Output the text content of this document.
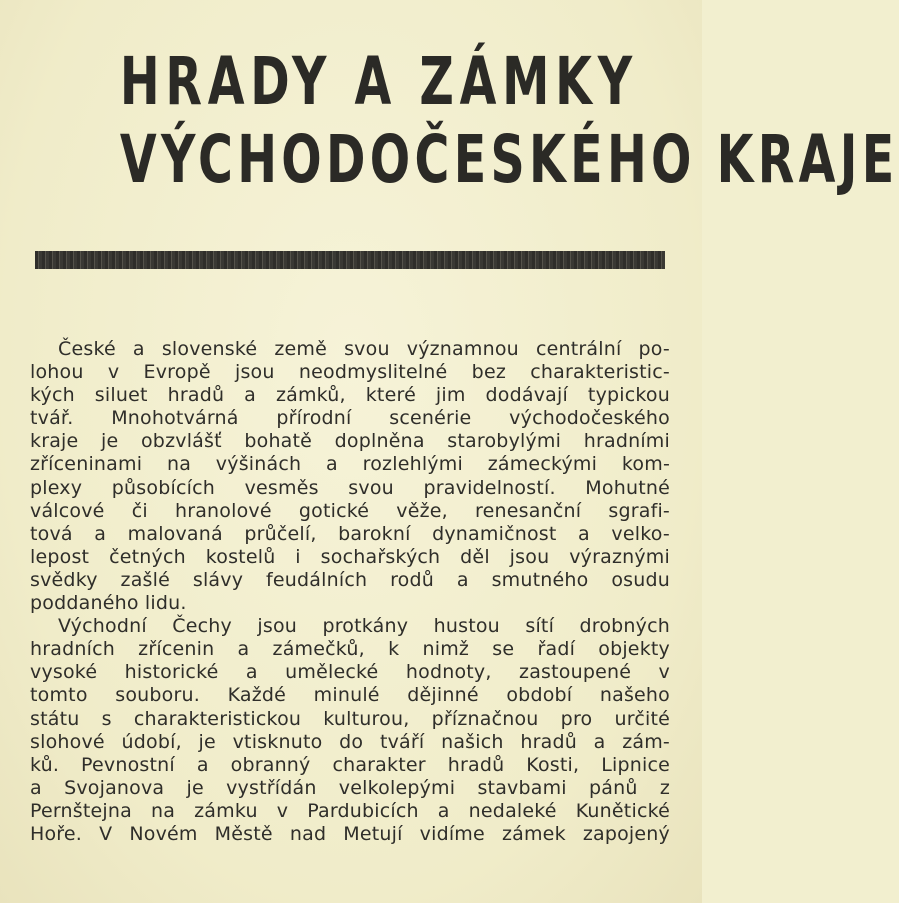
HRADY A ZÁMKY
VÝCHODOČESKÉHO KRAJE
České a slovenské země svou významnou centrální po-
lohou v Evropě jsou neodmyslitelné bez charakteristic-
kých siluet hradů a zámků, které jim dodávají typickou
tvář. Mnohotvárná přírodní scenérie východočeského
kraje je obzvlášť bohatě doplněna starobylými hradními
zříceninami na výšinách a rozlehlými zámeckými kom-
plexy působících vesměs svou pravidelností. Mohutné
válcové či hranolové gotické věže, renesanční sgrafi-
tová a malovaná průčelí, barokní dynamičnost a velko-
lepost četných kostelů i sochařských děl jsou výraznými
svědky zašlé slávy feudálních rodů a smutného osudu
poddaného lidu.
Východní Čechy jsou protkány hustou sítí drobných
hradních zřícenin a zámečků, k nimž se řadí objekty
vysoké historické a umělecké hodnoty, zastoupené v
tomto souboru. Každé minulé dějinné období našeho
státu s charakteristickou kulturou, příznačnou pro určité
slohové údobí, je vtisknuto do tváří našich hradů a zám-
ků. Pevnostní a obranný charakter hradů Kosti, Lipnice
a Svojanova je vystřídán velkolepými stavbami pánů z
Pernštejna na zámku v Pardubicích a nedaleké Kunětické
Hoře. V Novém Městě nad Metují vidíme zámek zapojený
